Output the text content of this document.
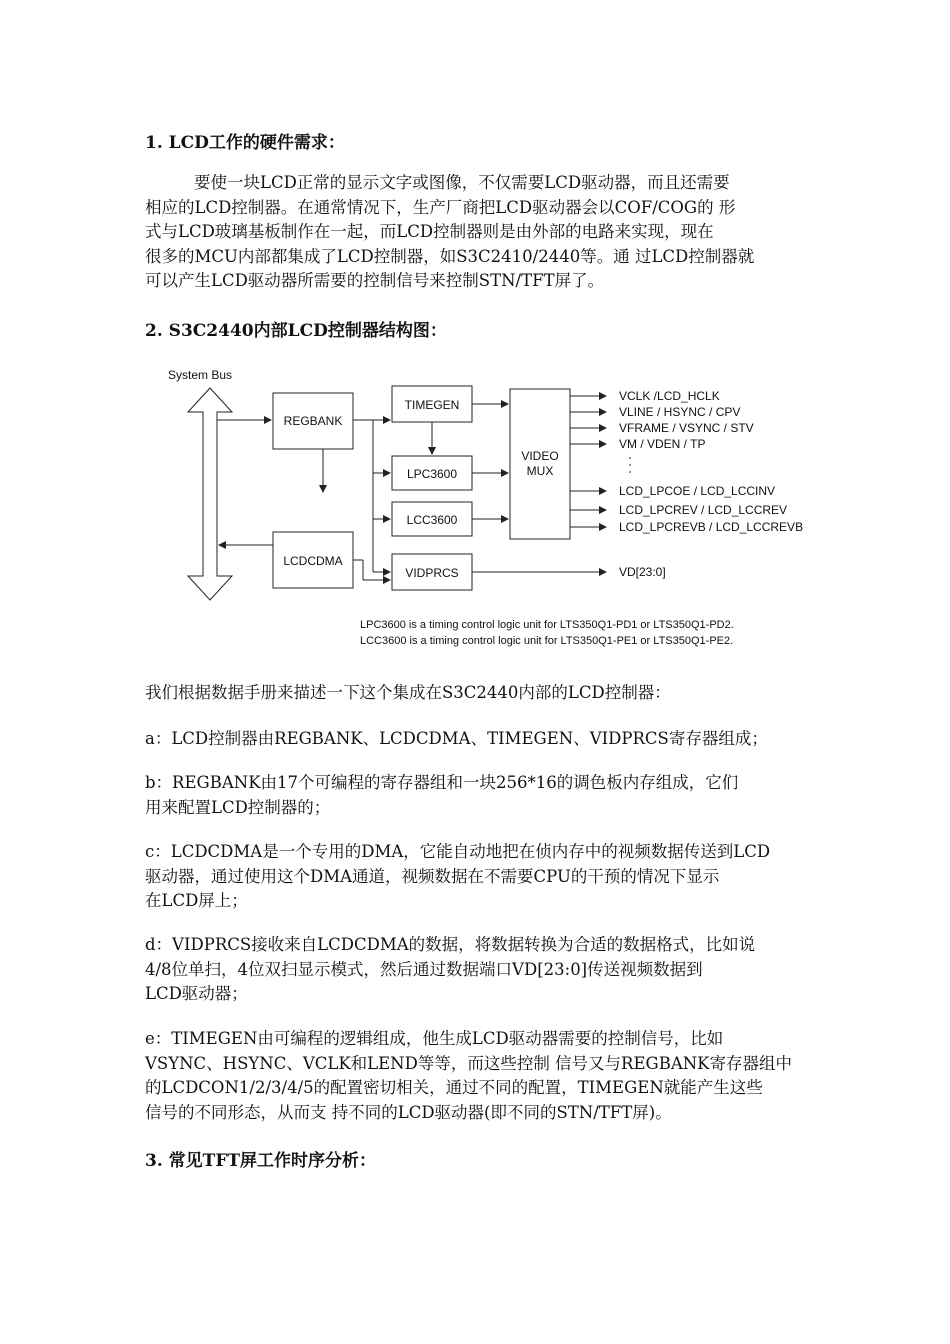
1. LCD工作的硬件需求：
要使一块LCD正常的显示文字或图像，不仅需要LCD驱动器，而且还需要
相应的LCD控制器。在通常情况下，生产厂商把LCD驱动器会以COF/COG的 形
式与LCD玻璃基板制作在一起，而LCD控制器则是由外部的电路来实现，现在
很多的MCU内部都集成了LCD控制器，如S3C2410/2440等。通 过LCD控制器就
可以产生LCD驱动器所需要的控制信号来控制STN/TFT屏了。
2. S3C2440内部LCD控制器结构图：
System Bus
REGBANK
TIMEGEN
LPC3600
LCC3600
LCDCDMA
VIDPRCS
VIDEO
MUX
VCLK /LCD_HCLK
VLINE / HSYNC / CPV
VFRAME / VSYNC / STV
VM / VDEN / TP
LCD_LPCOE / LCD_LCCINV
LCD_LPCREV / LCD_LCCREV
LCD_LPCREVB / LCD_LCCREVB
VD[23:0]
LPC3600 is a timing control logic unit for LTS350Q1-PD1 or LTS350Q1-PD2.
LCC3600 is a timing control logic unit for LTS350Q1-PE1 or LTS350Q1-PE2.
我们根据数据手册来描述一下这个集成在S3C2440内部的LCD控制器：
a：LCD控制器由REGBANK、LCDCDMA、TIMEGEN、VIDPRCS寄存器组成；
b：REGBANK由17个可编程的寄存器组和一块256*16的调色板内存组成，它们
用来配置LCD控制器的；
c：LCDCDMA是一个专用的DMA，它能自动地把在侦内存中的视频数据传送到LCD
驱动器，通过使用这个DMA通道，视频数据在不需要CPU的干预的情况下显示
在LCD屏上；
d：VIDPRCS接收来自LCDCDMA的数据，将数据转换为合适的数据格式，比如说
4/8位单扫，4位双扫显示模式，然后通过数据端口VD[23:0]传送视频数据到
LCD驱动器；
e：TIMEGEN由可编程的逻辑组成，他生成LCD驱动器需要的控制信号，比如
VSYNC、HSYNC、VCLK和LEND等等，而这些控制 信号又与REGBANK寄存器组中
的LCDCON1/2/3/4/5的配置密切相关，通过不同的配置，TIMEGEN就能产生这些
信号的不同形态，从而支 持不同的LCD驱动器(即不同的STN/TFT屏)。
3. 常见TFT屏工作时序分析：
